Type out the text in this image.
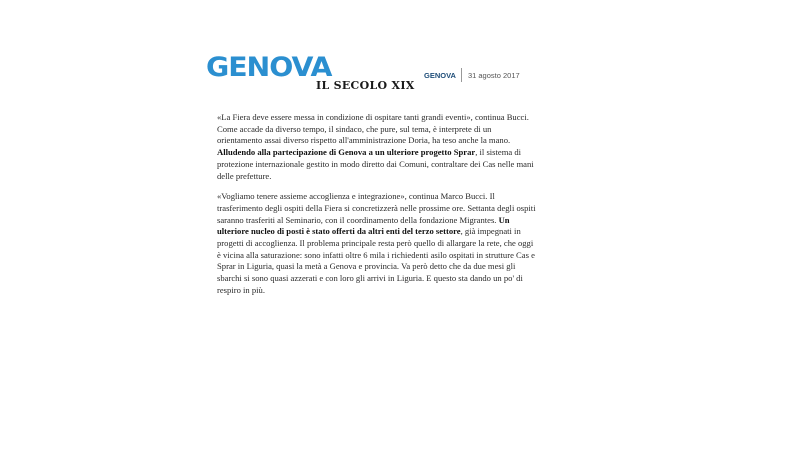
GENOVA
IL SECOLO XIX
GENOVA	31 agosto 2017

«La Fiera deve essere messa in condizione di ospitare tanti grandi eventi», continua Bucci. Come accade da diverso tempo, il sindaco, che pure, sul tema, è interprete di un orientamento assai diverso rispetto all'amministrazione Doria, ha teso anche la mano. Alludendo alla partecipazione di Genova a un ulteriore progetto Sprar, il sistema di protezione internazionale gestito in modo diretto dai Comuni, contraltare dei Cas nelle mani delle prefetture.

«Vogliamo tenere assieme accoglienza e integrazione», continua Marco Bucci. Il trasferimento degli ospiti della Fiera si concretizzerà nelle prossime ore. Settanta degli ospiti saranno trasferiti al Seminario, con il coordinamento della fondazione Migrantes. Un ulteriore nucleo di posti è stato offerti da altri enti del terzo settore, già impegnati in progetti di accoglienza. Il problema principale resta però quello di allargare la rete, che oggi è vicina alla saturazione: sono infatti oltre 6 mila i richiedenti asilo ospitati in strutture Cas e Sprar in Liguria, quasi la metà a Genova e provincia. Va però detto che da due mesi gli sbarchi si sono quasi azzerati e con loro gli arrivi in Liguria. E questo sta dando un po' di respiro in più.
